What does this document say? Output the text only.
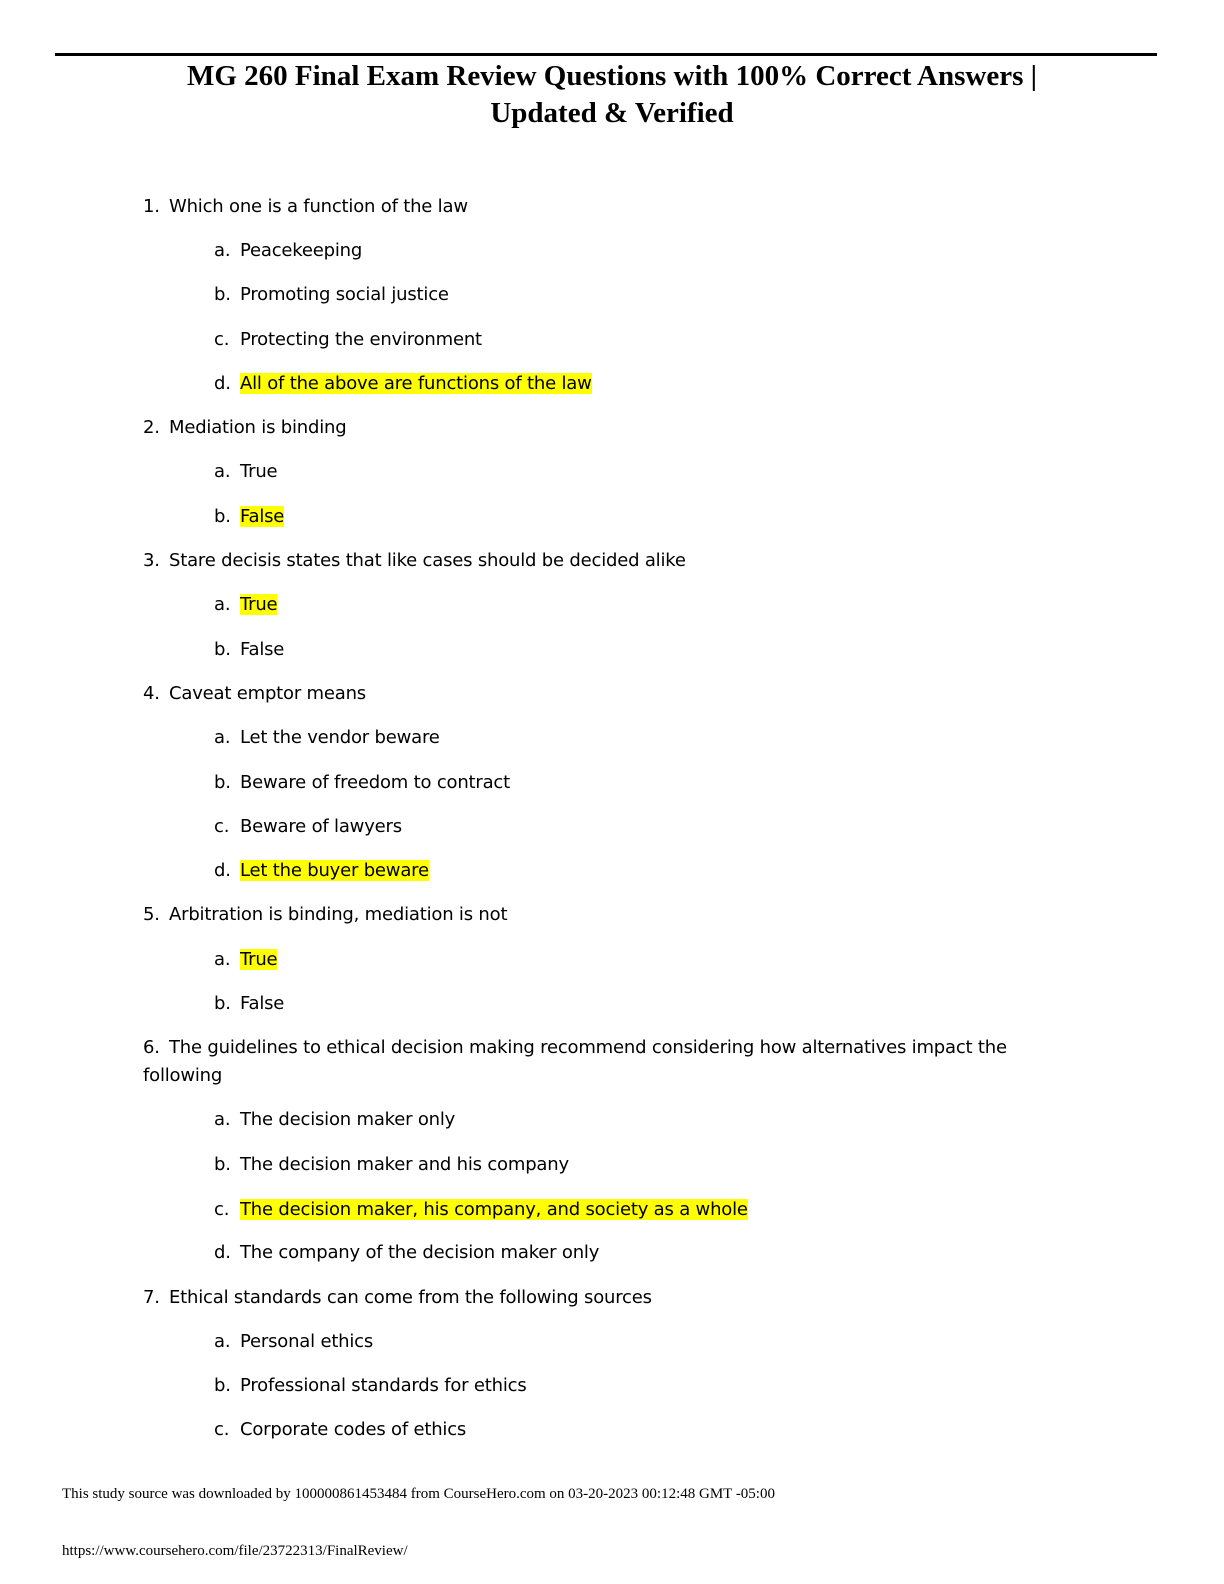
MG 260 Final Exam Review Questions with 100% Correct Answers |
Updated & Verified
1. Which one is a function of the law
a. Peacekeeping
b. Promoting social justice
c. Protecting the environment
d. All of the above are functions of the law
2. Mediation is binding
a. True
b. False
3. Stare decisis states that like cases should be decided alike
a. True
b. False
4. Caveat emptor means
a. Let the vendor beware
b. Beware of freedom to contract
c. Beware of lawyers
d. Let the buyer beware
5. Arbitration is binding, mediation is not
a. True
b. False
6. The guidelines to ethical decision making recommend considering how alternatives impact the
following
a. The decision maker only
b. The decision maker and his company
c. The decision maker, his company, and society as a whole
d. The company of the decision maker only
7. Ethical standards can come from the following sources
a. Personal ethics
b. Professional standards for ethics
c. Corporate codes of ethics
This study source was downloaded by 100000861453484 from CourseHero.com on 03-20-2023 00:12:48 GMT -05:00
https://www.coursehero.com/file/23722313/FinalReview/
